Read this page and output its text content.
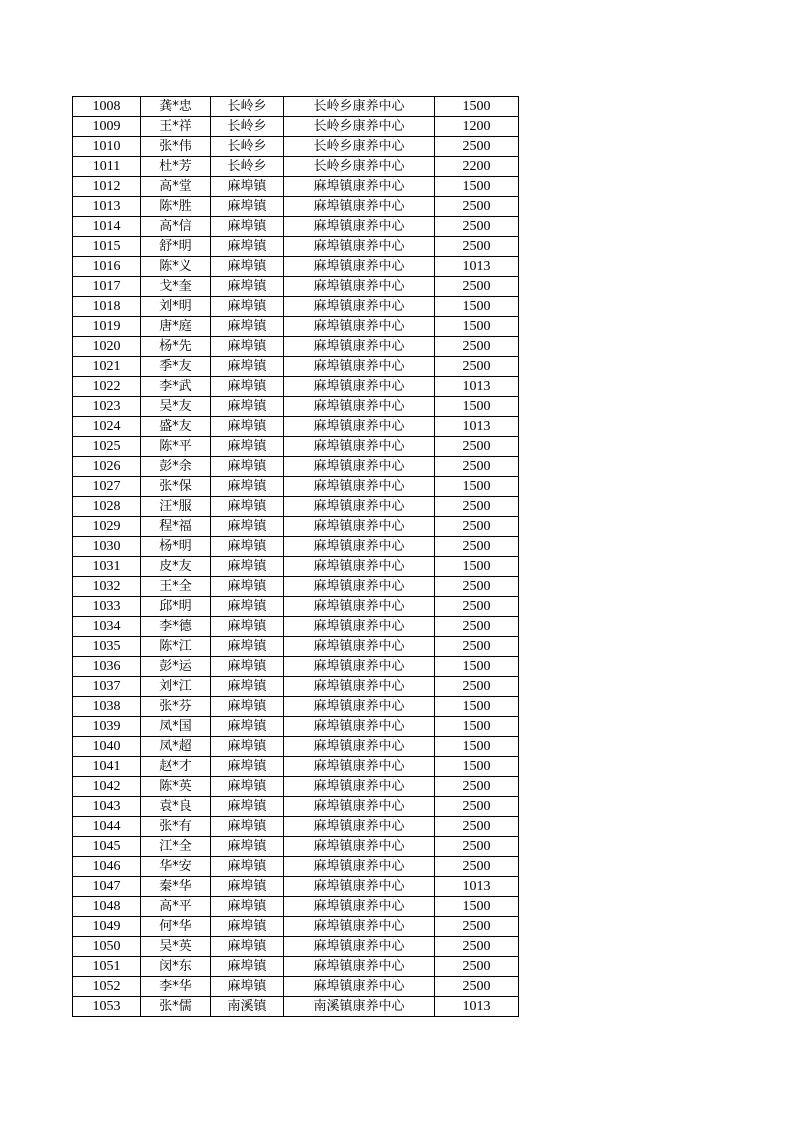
1008	龚*忠	长岭乡	长岭乡康养中心	1500
1009	王*祥	长岭乡	长岭乡康养中心	1200
1010	张*伟	长岭乡	长岭乡康养中心	2500
1011	杜*芳	长岭乡	长岭乡康养中心	2200
1012	高*堂	麻埠镇	麻埠镇康养中心	1500
1013	陈*胜	麻埠镇	麻埠镇康养中心	2500
1014	高*信	麻埠镇	麻埠镇康养中心	2500
1015	舒*明	麻埠镇	麻埠镇康养中心	2500
1016	陈*义	麻埠镇	麻埠镇康养中心	1013
1017	戈*奎	麻埠镇	麻埠镇康养中心	2500
1018	刘*明	麻埠镇	麻埠镇康养中心	1500
1019	唐*庭	麻埠镇	麻埠镇康养中心	1500
1020	杨*先	麻埠镇	麻埠镇康养中心	2500
1021	季*友	麻埠镇	麻埠镇康养中心	2500
1022	李*武	麻埠镇	麻埠镇康养中心	1013
1023	吴*友	麻埠镇	麻埠镇康养中心	1500
1024	盛*友	麻埠镇	麻埠镇康养中心	1013
1025	陈*平	麻埠镇	麻埠镇康养中心	2500
1026	彭*余	麻埠镇	麻埠镇康养中心	2500
1027	张*保	麻埠镇	麻埠镇康养中心	1500
1028	汪*服	麻埠镇	麻埠镇康养中心	2500
1029	程*福	麻埠镇	麻埠镇康养中心	2500
1030	杨*明	麻埠镇	麻埠镇康养中心	2500
1031	皮*友	麻埠镇	麻埠镇康养中心	1500
1032	王*全	麻埠镇	麻埠镇康养中心	2500
1033	邱*明	麻埠镇	麻埠镇康养中心	2500
1034	李*德	麻埠镇	麻埠镇康养中心	2500
1035	陈*江	麻埠镇	麻埠镇康养中心	2500
1036	彭*运	麻埠镇	麻埠镇康养中心	1500
1037	刘*江	麻埠镇	麻埠镇康养中心	2500
1038	张*芬	麻埠镇	麻埠镇康养中心	1500
1039	凤*国	麻埠镇	麻埠镇康养中心	1500
1040	凤*超	麻埠镇	麻埠镇康养中心	1500
1041	赵*才	麻埠镇	麻埠镇康养中心	1500
1042	陈*英	麻埠镇	麻埠镇康养中心	2500
1043	袁*良	麻埠镇	麻埠镇康养中心	2500
1044	张*有	麻埠镇	麻埠镇康养中心	2500
1045	江*全	麻埠镇	麻埠镇康养中心	2500
1046	华*安	麻埠镇	麻埠镇康养中心	2500
1047	秦*华	麻埠镇	麻埠镇康养中心	1013
1048	高*平	麻埠镇	麻埠镇康养中心	1500
1049	何*华	麻埠镇	麻埠镇康养中心	2500
1050	吴*英	麻埠镇	麻埠镇康养中心	2500
1051	闵*东	麻埠镇	麻埠镇康养中心	2500
1052	李*华	麻埠镇	麻埠镇康养中心	2500
1053	张*儒	南溪镇	南溪镇康养中心	1013
